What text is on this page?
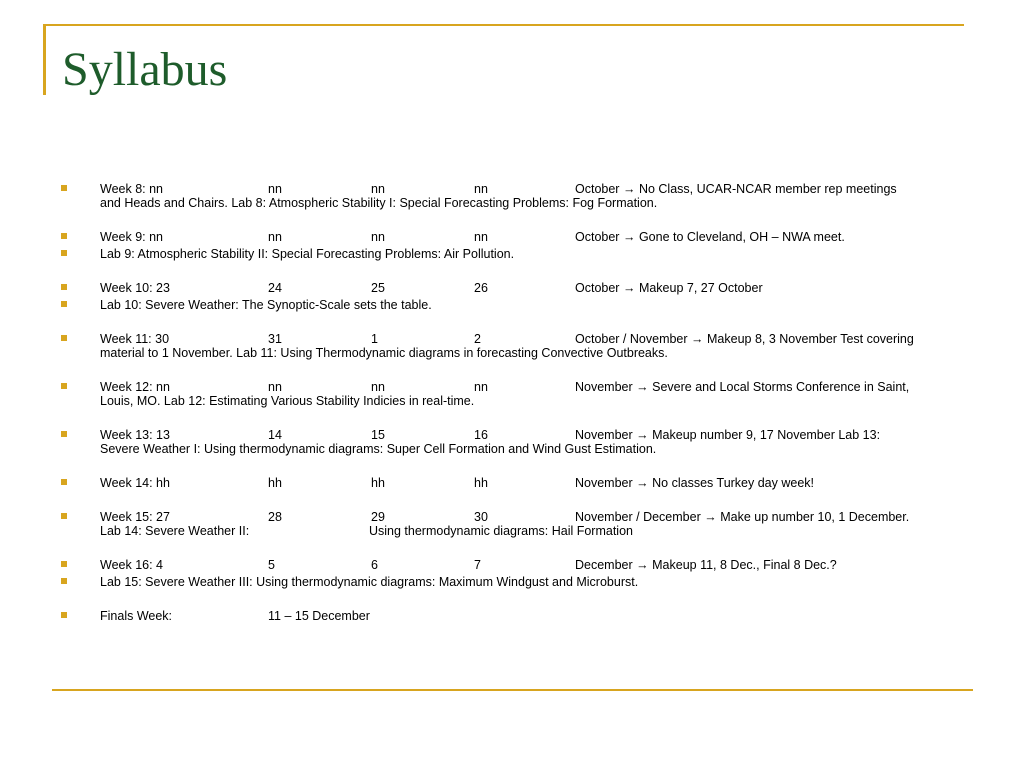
Syllabus
Week 8: nn	nn	nn	nn	October → No Class, UCAR-NCAR member rep meetings
and Heads and Chairs. Lab 8: Atmospheric Stability I: Special Forecasting Problems: Fog Formation.
Week 9: nn	nn	nn	nn	October → Gone to Cleveland, OH – NWA meet.
Lab 9: Atmospheric Stability II: Special Forecasting Problems: Air Pollution.
Week 10: 23	24	25	26	October → Makeup 7, 27 October
Lab 10: Severe Weather: The Synoptic-Scale sets the table.
Week 11: 30	31	1	2	October / November → Makeup 8, 3 November Test covering
material to 1 November. Lab 11: Using Thermodynamic diagrams in forecasting Convective Outbreaks.
Week 12: nn	nn	nn	nn	November → Severe and Local Storms Conference in Saint,
Louis, MO. Lab 12: Estimating Various Stability Indicies in real-time.
Week 13: 13	14	15	16	November → Makeup number 9, 17 November Lab 13:
Severe Weather I: Using thermodynamic diagrams: Super Cell Formation and Wind Gust Estimation.
Week 14: hh	hh	hh	hh	November → No classes Turkey day week!
Week 15: 27	28	29	30	November / December → Make up number 10, 1 December.
Lab 14: Severe Weather II:	Using thermodynamic diagrams: Hail Formation
Week 16: 4	5	6	7	December → Makeup 11, 8 Dec., Final 8 Dec.?
Lab 15: Severe Weather III: Using thermodynamic diagrams: Maximum Windgust and Microburst.
Finals Week:	11 – 15 December
